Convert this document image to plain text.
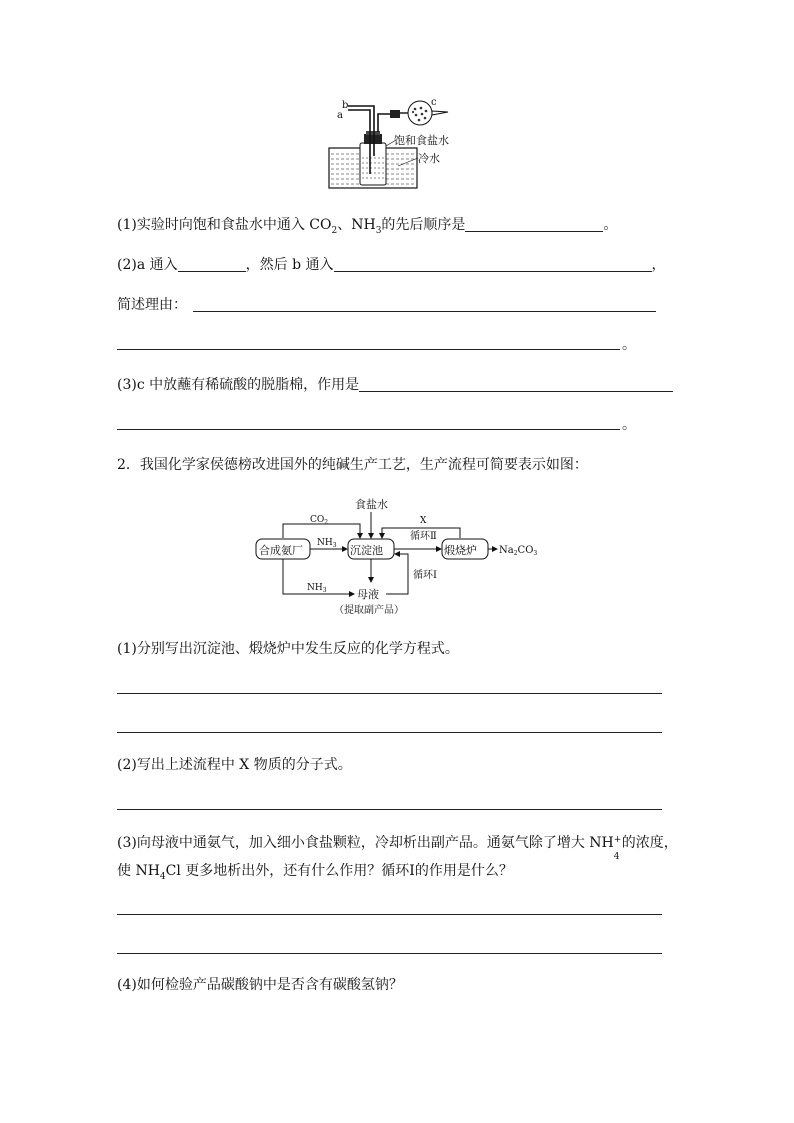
b
a
c
饱和食盐水
冷水
(1)实验时向饱和食盐水中通入 $CO_2$、$NH_3$的先后顺序是	。
(2)a 通入	，然后 b 通入	，
简述理由：
。
(3)c 中放蘸有稀硫酸的脱脂棉，作用是
。
2．我国化学家侯德榜改进国外的纯碱生产工艺，生产流程可简要表示如图：
合成氨厂	沉淀池	煅烧炉
食盐水
$CO_2$
$NH_3$
X
循环Ⅱ
$Na_2CO_3$
循环Ⅰ
$NH_3$	母液
（提取副产品）
(1)分别写出沉淀池、煅烧炉中发生反应的化学方程式。
(2)写出上述流程中 X 物质的分子式。
(3)向母液中通氨气，加入细小食盐颗粒，冷却析出副产品。通氨气除了增大 NH +
4
的浓度，
使 $NH_4Cl$ 更多地析出外，还有什么作用？循环Ⅰ的作用是什么？
(4)如何检验产品碳酸钠中是否含有碳酸氢钠？
